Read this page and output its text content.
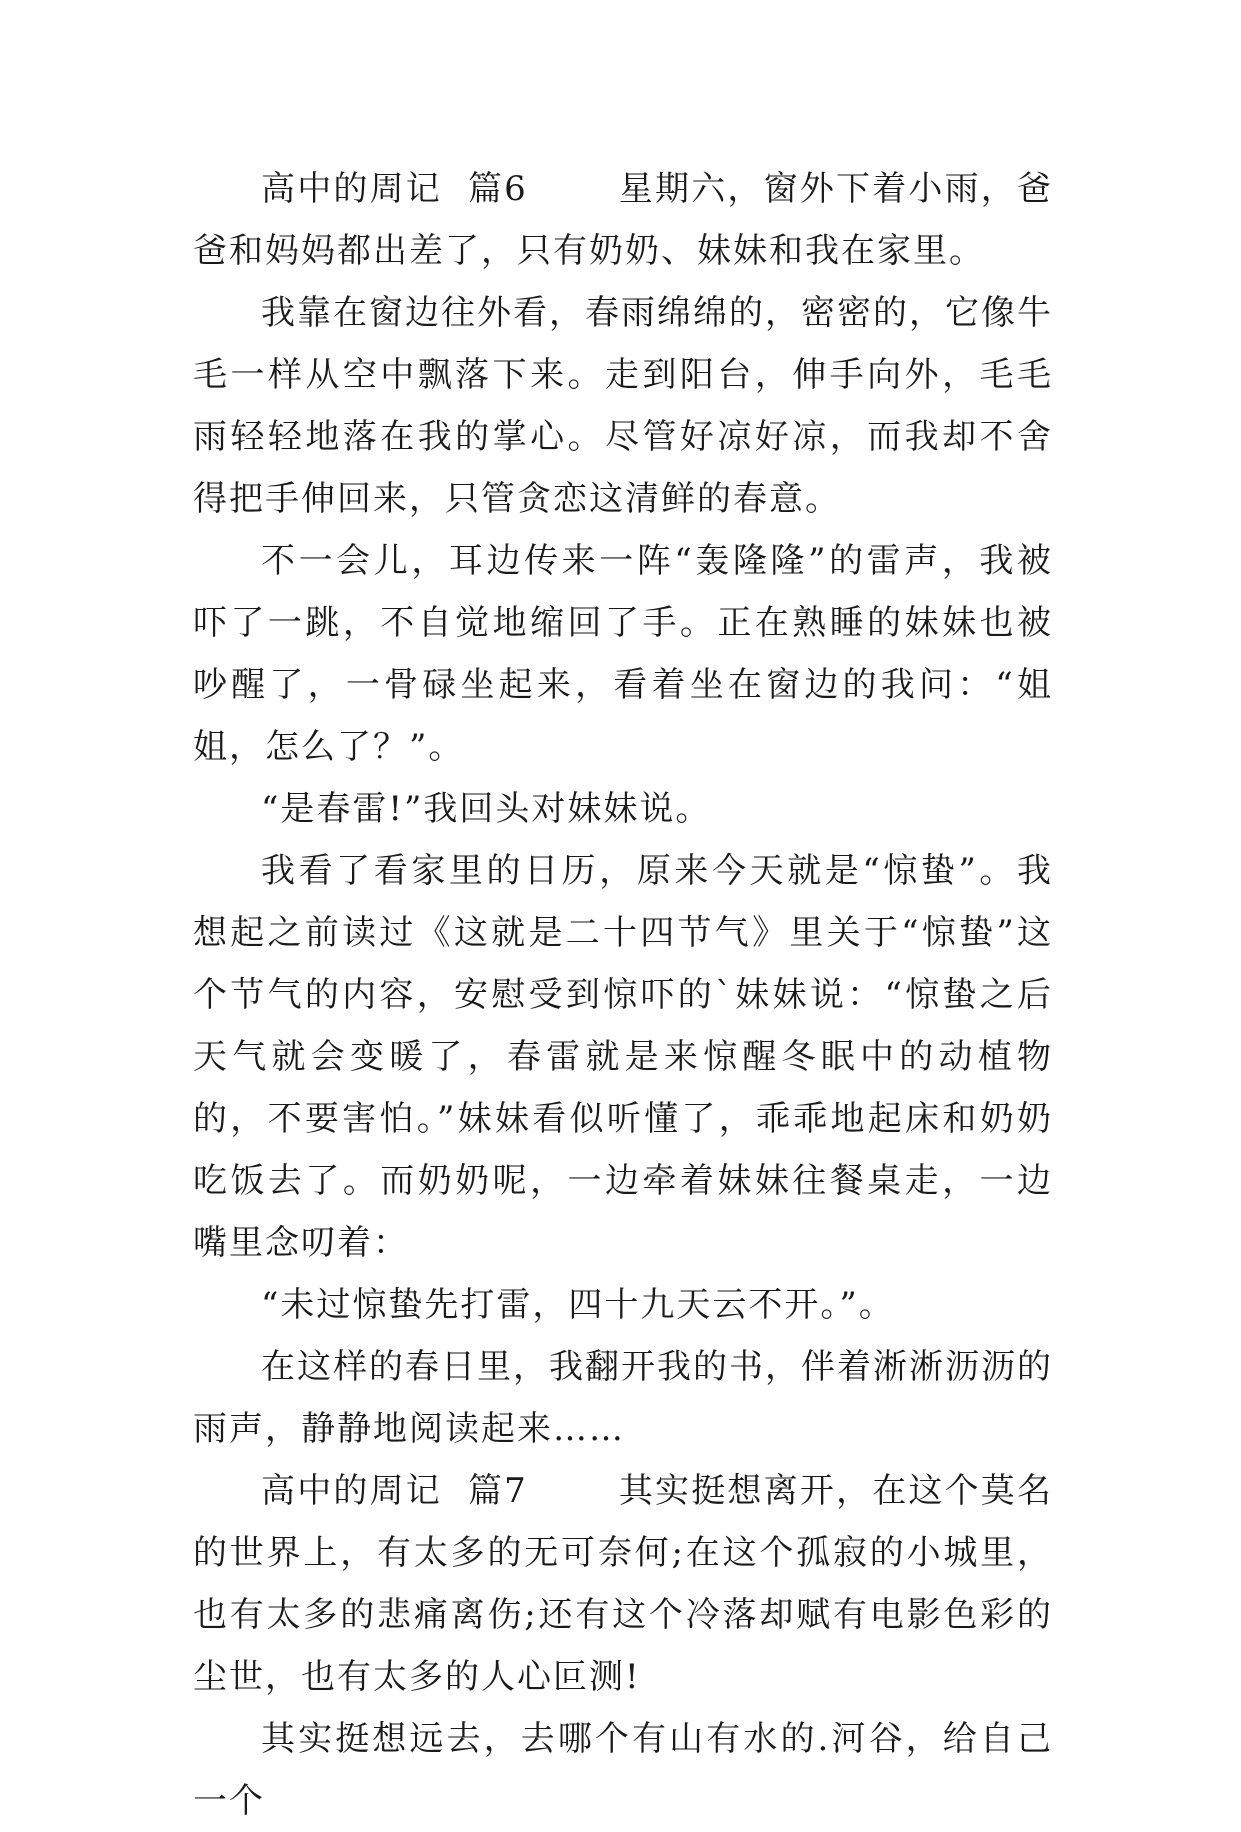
高中的周记  篇6       星期六，窗外下着小雨，爸爸和妈妈都出差了，只有奶奶、妹妹和我在家里。

我靠在窗边往外看，春雨绵绵的，密密的，它像牛毛一样从空中飘落下来。走到阳台，伸手向外，毛毛雨轻轻地落在我的掌心。尽管好凉好凉，而我却不舍得把手伸回来，只管贪恋这清鲜的春意。

不一会儿，耳边传来一阵“轰隆隆”的雷声，我被吓了一跳，不自觉地缩回了手。正在熟睡的妹妹也被吵醒了，一骨碌坐起来，看着坐在窗边的我问：“姐姐，怎么了？”。

“是春雷!”我回头对妹妹说。

我看了看家里的日历，原来今天就是“惊蛰”。我想起之前读过《这就是二十四节气》里关于“惊蛰”这个节气的内容，安慰受到惊吓的`妹妹说：“惊蛰之后天气就会变暖了，春雷就是来惊醒冬眠中的动植物的，不要害怕。”妹妹看似听懂了，乖乖地起床和奶奶吃饭去了。而奶奶呢，一边牵着妹妹往餐桌走，一边嘴里念叨着：

“未过惊蛰先打雷，四十九天云不开。”。

在这样的春日里，我翻开我的书，伴着淅淅沥沥的雨声，静静地阅读起来……

高中的周记  篇7       其实挺想离开，在这个莫名的世界上，有太多的无可奈何;在这个孤寂的小城里，也有太多的悲痛离伤;还有这个冷落却赋有电影色彩的尘世，也有太多的人心叵测!

其实挺想远去，去哪个有山有水的.河谷，给自己一个
